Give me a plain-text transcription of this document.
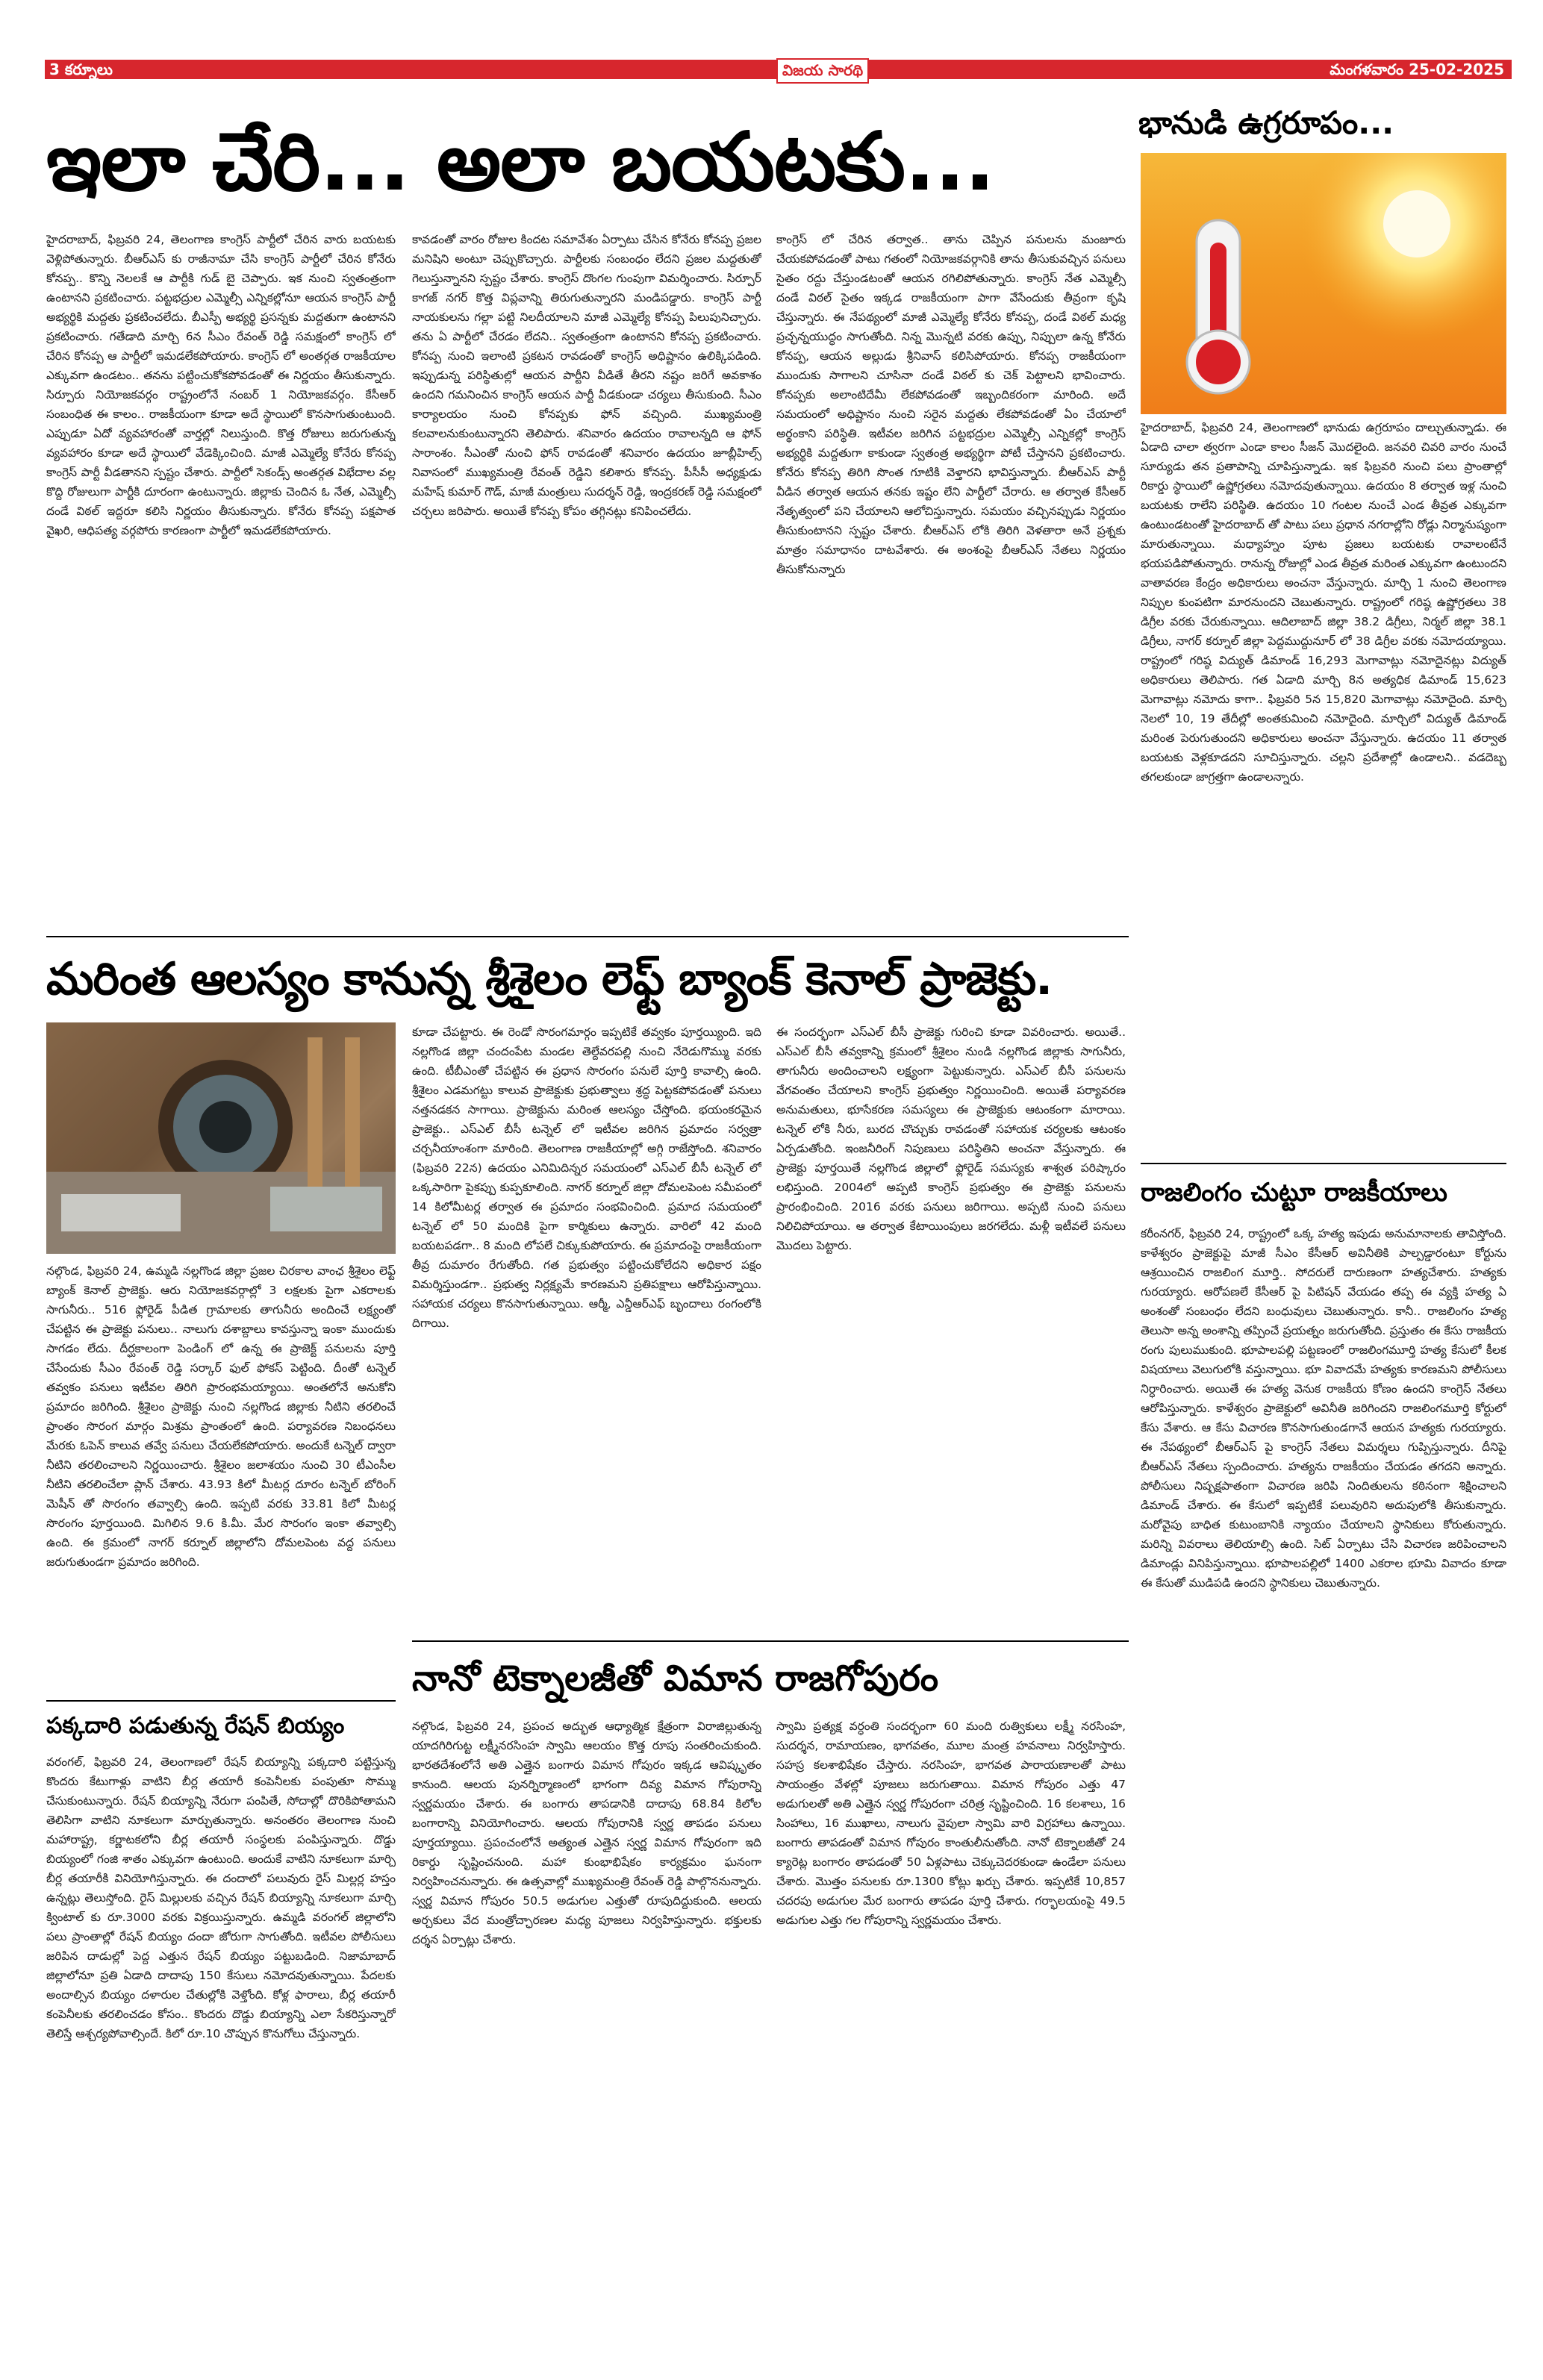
3 కర్నూలు	విజయ సారథి	మంగళవారం 25-02-2025
ఇలా చేరి... అలా బయటకు...
హైదరాబాద్, ఫిబ్రవరి 24, తెలంగాణ కాంగ్రెస్ పార్టీలో చేరిన వారు బయటకు వెళ్లిపోతున్నారు. బీఆర్ఎస్ కు రాజీనామా చేసి కాంగ్రెస్ పార్టీలో చేరిన కోనేరు కోనప్ప.. కొన్ని నెలలకే ఆ పార్టీకి గుడ్ బై చెప్పారు. ఇక నుంచి స్వతంత్రంగా ఉంటానని ప్రకటించారు. పట్టభద్రుల ఎమ్మెల్సీ ఎన్నికల్లోనూ ఆయన కాంగ్రెస్ పార్టీ అభ్యర్థికి మద్దతు ప్రకటించలేదు. బీఎస్పీ అభ్యర్థి ప్రసన్నకు మద్దతుగా ఉంటానని ప్రకటించారు. గతేడాది మార్చి 6న సీఎం రేవంత్ రెడ్డి సమక్షంలో కాంగ్రెస్ లో చేరిన కోనప్ప ఆ పార్టీలో ఇమడలేకపోయారు. కాంగ్రెస్ లో అంతర్గత రాజకీయాల ఎక్కువగా ఉండటం.. తనను పట్టించుకోకపోవడంతో ఈ నిర్ణయం తీసుకున్నారు. సిర్పూరు నియోజకవర్గం రాష్ట్రంలోనే నంబర్ 1 నియోజకవర్గం. కేసీఆర్ సంబంధిత ఈ కాలం.. రాజకీయంగా కూడా అదే స్థాయిలో కొనసాగుతుంటుంది. ఎప్పుడూ ఏదో వ్యవహారంతో వార్తల్లో నిలుస్తుంది. కొత్త రోజులు జరుగుతున్న వ్యవహారం కూడా అదే స్థాయిలో వేడెక్కించింది. మాజీ ఎమ్మెల్యే కోనేరు కోనప్ప కాంగ్రెస్ పార్టీ వీడతానని స్పష్టం చేశారు. పార్టీలో సెకండ్స్ అంతర్గత విభేదాల వల్ల కొద్ది రోజులుగా పార్టీకి దూరంగా ఉంటున్నారు. జిల్లాకు చెందిన ఓ నేత, ఎమ్మెల్సీ దండే విఠల్ ఇద్దరూ కలిసి నిర్ణయం తీసుకున్నారు. కోనేరు కోనప్ప పక్షపాత వైఖరి, ఆధిపత్య వర్గపోరు కారణంగా పార్టీలో ఇమడలేకపోయారు.
కావడంతో వారం రోజుల కిందట సమావేశం ఏర్పాటు చేసిన కోనేరు కోనప్ప ప్రజల మనిషిని అంటూ చెప్పుకొచ్చారు. పార్టీలకు సంబంధం లేదని ప్రజల మద్దతుతో గెలుస్తున్నానని స్పష్టం చేశారు. కాంగ్రెస్ దొంగల గుంపుగా విమర్శించారు. సిర్పూర్ కాగజ్ నగర్ కొత్త విప్లవాన్ని తిరుగుతున్నారని మండిపడ్డారు. కాంగ్రెస్ పార్టీ నాయకులను గల్లా పట్టి నిలదీయాలని మాజీ ఎమ్మెల్యే కోనప్ప పిలుపునిచ్చారు. తను ఏ పార్టీలో చేరడం లేదని.. స్వతంత్రంగా ఉంటానని కోనప్ప ప్రకటించారు. కోనప్ప నుంచి ఇలాంటి ప్రకటన రావడంతో కాంగ్రెస్ అధిష్టానం ఉలిక్కిపడింది. ఇప్పుడున్న పరిస్థితుల్లో ఆయన పార్టీని వీడితే తీరని నష్టం జరిగే అవకాశం ఉందని గమనించిన కాంగ్రెస్ ఆయన పార్టీ వీడకుండా చర్యలు తీసుకుంది. సీఎం కార్యాలయం నుంచి కోనప్పకు ఫోన్ వచ్చింది. ముఖ్యమంత్రి కలవాలనుకుంటున్నారని తెలిపారు. శనివారం ఉదయం రావాలన్నది ఆ ఫోన్ సారాంశం. సీఎంతో నుంచి ఫోన్ రావడంతో శనివారం ఉదయం జూబ్లీహిల్స్ నివాసంలో ముఖ్యమంత్రి రేవంత్ రెడ్డిని కలిశారు కోనప్ప. పీసీసీ అధ్యక్షుడు మహేష్ కుమార్ గౌడ్, మాజీ మంత్రులు సుదర్శన్ రెడ్డి, ఇంద్రకరణ్ రెడ్డి సమక్షంలో చర్చలు జరిపారు. అయితే కోనప్ప కోపం తగ్గినట్లు కనిపించలేదు.
కాంగ్రెస్ లో చేరిన తర్వాత.. తాను చెప్పిన పనులను మంజూరు చేయకపోవడంతో పాటు గతంలో నియోజకవర్గానికి తాను తీసుకువచ్చిన పనులు సైతం రద్దు చేస్తుండటంతో ఆయన రగిలిపోతున్నారు. కాంగ్రెస్ నేత ఎమ్మెల్సీ దండే విఠల్ సైతం ఇక్కడ రాజకీయంగా పాగా వేసేందుకు తీవ్రంగా కృషి చేస్తున్నారు. ఈ నేపథ్యంలో మాజీ ఎమ్మెల్యే కోనేరు కోనప్ప, దండే విఠల్ మధ్య ప్రచ్ఛన్నయుద్ధం సాగుతోంది. నిన్న మొన్నటి వరకు ఉప్పు, నిప్పులా ఉన్న కోనేరు కోనప్ప, ఆయన అల్లుడు శ్రీనివాస్ కలిసిపోయారు. కోనప్ప రాజకీయంగా ముందుకు సాగాలని చూసినా దండే విఠల్ కు చెక్ పెట్టాలని భావించారు. కోనప్పకు అలాంటిదేమీ లేకపోవడంతో ఇబ్బందికరంగా మారింది. అదే సమయంలో అధిష్టానం నుంచి సరైన మద్దతు లేకపోవడంతో ఏం చేయాలో అర్థంకాని పరిస్థితి. ఇటీవల జరిగిన పట్టభద్రుల ఎమ్మెల్సీ ఎన్నికల్లో కాంగ్రెస్ అభ్యర్థికి మద్దతుగా కాకుండా స్వతంత్ర అభ్యర్థిగా పోటీ చేస్తానని ప్రకటించారు. కోనేరు కోనప్ప తిరిగి సొంత గూటికి వెళ్తారని భావిస్తున్నారు. బీఆర్ఎస్ పార్టీ వీడిన తర్వాత ఆయన తనకు ఇష్టం లేని పార్టీలో చేరారు. ఆ తర్వాత కేసీఆర్ నేతృత్వంలో పని చేయాలని ఆలోచిస్తున్నారు. సమయం వచ్చినప్పుడు నిర్ణయం తీసుకుంటానని స్పష్టం చేశారు. బీఆర్ఎస్ లోకి తిరిగి వెళతారా అనే ప్రశ్నకు మాత్రం సమాధానం దాటవేశారు. ఈ అంశంపై బీఆర్ఎస్ నేతలు నిర్ణయం తీసుకోనున్నారు
భానుడి ఉగ్రరూపం...
హైదరాబాద్, ఫిబ్రవరి 24, తెలంగాణలో భానుడు ఉగ్రరూపం దాల్చుతున్నాడు. ఈ ఏడాది చాలా త్వరగా ఎండా కాలం సీజన్ మొదలైంది. జనవరి చివరి వారం నుంచే సూర్యుడు తన ప్రతాపాన్ని చూపిస్తున్నాడు. ఇక ఫిబ్రవరి నుంచి పలు ప్రాంతాల్లో రికార్డు స్థాయిలో ఉష్ణోగ్రతలు నమోదవుతున్నాయి. ఉదయం 8 తర్వాత ఇళ్ల నుంచి బయటకు రాలేని పరిస్థితి. ఉదయం 10 గంటల నుంచే ఎండ తీవ్రత ఎక్కువగా ఉంటుండటంతో హైదరాబాద్ తో పాటు పలు ప్రధాన నగరాల్లోని రోడ్లు నిర్మానుష్యంగా మారుతున్నాయి. మధ్యాహ్నం పూట ప్రజలు బయటకు రావాలంటేనే భయపడిపోతున్నారు. రానున్న రోజుల్లో ఎండ తీవ్రత మరింత ఎక్కువగా ఉంటుందని వాతావరణ కేంద్రం అధికారులు అంచనా వేస్తున్నారు. మార్చి 1 నుంచి తెలంగాణ నిప్పుల కుంపటిగా మారనుందని చెబుతున్నారు. రాష్ట్రంలో గరిష్ఠ ఉష్ణోగ్రతలు 38 డిగ్రీల వరకు చేరుకున్నాయి. ఆదిలాబాద్ జిల్లా 38.2 డిగ్రీలు, నిర్మల్ జిల్లా 38.1 డిగ్రీలు, నాగర్ కర్నూల్ జిల్లా పెద్దముద్దునూర్ లో 38 డిగ్రీల వరకు నమోదయ్యాయి. రాష్ట్రంలో గరిష్ఠ విద్యుత్ డిమాండ్ 16,293 మెగావాట్లు నమోదైనట్లు విద్యుత్ అధికారులు తెలిపారు. గత ఏడాది మార్చి 8న అత్యధిక డిమాండ్ 15,623 మెగావాట్లు నమోదు కాగా.. ఫిబ్రవరి 5న 15,820 మెగావాట్లు నమోదైంది. మార్చి నెలలో 10, 19 తేదీల్లో అంతకుమించి నమోదైంది. మార్చిలో విద్యుత్ డిమాండ్ మరింత పెరుగుతుందని అధికారులు అంచనా వేస్తున్నారు. ఉదయం 11 తర్వాత బయటకు వెళ్లకూడదని సూచిస్తున్నారు. చల్లని ప్రదేశాల్లో ఉండాలని.. వడదెబ్బ తగలకుండా జాగ్రత్తగా ఉండాలన్నారు.
మరింత ఆలస్యం కానున్న శ్రీశైలం లెఫ్ట్ బ్యాంక్ కెనాల్ ప్రాజెక్టు.
నల్గొండ, ఫిబ్రవరి 24, ఉమ్మడి నల్లగొండ జిల్లా ప్రజల చిరకాల వాంఛ శ్రీశైలం లెఫ్ట్ బ్యాంక్ కెనాల్ ప్రాజెక్టు. ఆరు నియోజకవర్గాల్లో 3 లక్షలకు పైగా ఎకరాలకు సాగునీరు.. 516 ఫ్లోరైడ్ పీడిత గ్రామాలకు తాగునీరు అందించే లక్ష్యంతో చేపట్టిన ఈ ప్రాజెక్టు పనులు.. నాలుగు దశాబ్దాలు కావస్తున్నా ఇంకా ముందుకు సాగడం లేదు. దీర్ఘకాలంగా పెండింగ్ లో ఉన్న ఈ ప్రాజెక్ట్ పనులను పూర్తి చేసేందుకు సీఎం రేవంత్ రెడ్డి సర్కార్ ఫుల్ ఫోకస్ పెట్టింది. దీంతో టన్నెల్ తవ్వకం పనులు ఇటీవల తిరిగి ప్రారంభమయ్యాయి. అంతలోనే అనుకోని ప్రమాదం జరిగింది. శ్రీశైలం ప్రాజెక్టు నుంచి నల్లగొండ జిల్లాకు నీటిని తరలించే ప్రాంతం సొరంగ మార్గం మిశ్రమ ప్రాంతంలో ఉంది. పర్యావరణ నిబంధనలు మేరకు ఓపెన్ కాలువ తవ్వే పనులు చేయలేకపోయారు. అందుకే టన్నెల్ ద్వారా నీటిని తరలించాలని నిర్ణయించారు. శ్రీశైలం జలాశయం నుంచి 30 టీఎంసీల నీటిని తరలించేలా ప్లాన్ చేశారు. 43.93 కిలో మీటర్ల దూరం టన్నెల్ బోరింగ్ మెషీన్ తో సొరంగం తవ్వాల్సి ఉంది. ఇప్పటి వరకు 33.81 కిలో మీటర్ల సొరంగం పూర్తయింది. మిగిలిన 9.6 కి.మీ. మేర సొరంగం ఇంకా తవ్వాల్సి ఉంది. ఈ క్రమంలో నాగర్ కర్నూల్ జిల్లాలోని దోమలపెంట వద్ద పనులు జరుగుతుండగా ప్రమాదం జరిగింది.
కూడా చేపట్టారు. ఈ రెండో సొరంగమార్గం ఇప్పటికే తవ్వకం పూర్తయ్యింది. ఇది నల్లగొండ జిల్లా చందంపేట మండల తెల్దేవరపల్లి నుంచి నేరెడుగొమ్ము వరకు ఉంది. టీబీఎంతో చేపట్టిన ఈ ప్రధాన సొరంగం పనులే పూర్తి కావాల్సి ఉంది. శ్రీశైలం ఎడమగట్టు కాలువ ప్రాజెక్టుకు ప్రభుత్వాలు శ్రద్ధ పెట్టకపోవడంతో పనులు నత్తనడకన సాగాయి. ప్రాజెక్టును మరింత ఆలస్యం చేస్తోంది. భయంకరమైన ప్రాజెక్టు.. ఎస్ఎల్ బీసీ టన్నెల్ లో ఇటీవల జరిగిన ప్రమాదం సర్వత్రా చర్చనీయాంశంగా మారింది. తెలంగాణ రాజకీయాల్లో అగ్గి రాజేస్తోంది. శనివారం (ఫిబ్రవరి 22న) ఉదయం ఎనిమిదిన్నర సమయంలో ఎస్ఎల్ బీసీ టన్నెల్ లో ఒక్కసారిగా పైకప్పు కుప్పకూలింది. నాగర్ కర్నూల్ జిల్లా దోమలపెంట సమీపంలో 14 కిలోమీటర్ల తర్వాత ఈ ప్రమాదం సంభవించింది. ప్రమాద సమయంలో టన్నెల్ లో 50 మందికి పైగా కార్మికులు ఉన్నారు. వారిలో 42 మంది బయటపడగా.. 8 మంది లోపలే చిక్కుకుపోయారు. ఈ ప్రమాదంపై రాజకీయంగా తీవ్ర దుమారం రేగుతోంది. గత ప్రభుత్వం పట్టించుకోలేదని అధికార పక్షం విమర్శిస్తుండగా.. ప్రభుత్వ నిర్లక్ష్యమే కారణమని ప్రతిపక్షాలు ఆరోపిస్తున్నాయి. సహాయక చర్యలు కొనసాగుతున్నాయి. ఆర్మీ, ఎన్డీఆర్ఎఫ్ బృందాలు రంగంలోకి దిగాయి.
ఈ సందర్భంగా ఎస్ఎల్ బీసీ ప్రాజెక్టు గురించి కూడా వివరించారు. అయితే.. ఎస్ఎల్ బీసీ తవ్వకాన్ని క్రమంలో శ్రీశైలం నుండి నల్లగొండ జిల్లాకు సాగునీరు, తాగునీరు అందించాలని లక్ష్యంగా పెట్టుకున్నారు. ఎస్ఎల్ బీసీ పనులను వేగవంతం చేయాలని కాంగ్రెస్ ప్రభుత్వం నిర్ణయించింది. అయితే పర్యావరణ అనుమతులు, భూసేకరణ సమస్యలు ఈ ప్రాజెక్టుకు ఆటంకంగా మారాయి. టన్నెల్ లోకి నీరు, బురద చొచ్చుకు రావడంతో సహాయక చర్యలకు ఆటంకం ఏర్పడుతోంది. ఇంజనీరింగ్ నిపుణులు పరిస్థితిని అంచనా వేస్తున్నారు. ఈ ప్రాజెక్టు పూర్తయితే నల్లగొండ జిల్లాలో ఫ్లోరైడ్ సమస్యకు శాశ్వత పరిష్కారం లభిస్తుంది. 2004లో అప్పటి కాంగ్రెస్ ప్రభుత్వం ఈ ప్రాజెక్టు పనులను ప్రారంభించింది. 2016 వరకు పనులు జరిగాయి. అప్పటి నుంచి పనులు నిలిచిపోయాయి. ఆ తర్వాత కేటాయింపులు జరగలేదు. మళ్లీ ఇటీవలే పనులు మొదలు పెట్టారు.
రాజలింగం చుట్టూ రాజకీయాలు
కరీంనగర్, ఫిబ్రవరి 24, రాష్ట్రంలో ఒక్క హత్య ఇపుడు అనుమానాలకు తావిస్తోంది. కాళేశ్వరం ప్రాజెక్టుపై మాజీ సీఎం కేసీఆర్ అవినీతికి పాల్పడ్డారంటూ కోర్టును ఆశ్రయించిన రాజలింగ మూర్తి.. సోదరులే దారుణంగా హత్యచేశారు. హత్యకు గురయ్యారు. ఆరోపణలే కేసీఆర్ పై పిటిషన్ వేయడం తప్ప ఈ వ్యక్తి హత్య ఏ అంశంతో సంబంధం లేదని బంధువులు చెబుతున్నారు. కానీ.. రాజలింగం హత్య తెలుసా అన్న అంశాన్ని తప్పించే ప్రయత్నం జరుగుతోంది. ప్రస్తుతం ఈ కేసు రాజకీయ రంగు పులుముకుంది. భూపాలపల్లి పట్టణంలో రాజలింగమూర్తి హత్య కేసులో కీలక విషయాలు వెలుగులోకి వస్తున్నాయి. భూ వివాదమే హత్యకు కారణమని పోలీసులు నిర్ధారించారు. అయితే ఈ హత్య వెనుక రాజకీయ కోణం ఉందని కాంగ్రెస్ నేతలు ఆరోపిస్తున్నారు. కాళేశ్వరం ప్రాజెక్టులో అవినీతి జరిగిందని రాజలింగమూర్తి కోర్టులో కేసు వేశారు. ఆ కేసు విచారణ కొనసాగుతుండగానే ఆయన హత్యకు గురయ్యారు. ఈ నేపథ్యంలో బీఆర్ఎస్ పై కాంగ్రెస్ నేతలు విమర్శలు గుప్పిస్తున్నారు. దీనిపై బీఆర్ఎస్ నేతలు స్పందించారు. హత్యను రాజకీయం చేయడం తగదని అన్నారు. పోలీసులు నిష్పక్షపాతంగా విచారణ జరిపి నిందితులను కఠినంగా శిక్షించాలని డిమాండ్ చేశారు. ఈ కేసులో ఇప్పటికే పలువురిని అదుపులోకి తీసుకున్నారు. మరోవైపు బాధిత కుటుంబానికి న్యాయం చేయాలని స్థానికులు కోరుతున్నారు. మరిన్ని వివరాలు తెలియాల్సి ఉంది. సిట్ ఏర్పాటు చేసి విచారణ జరిపించాలని డిమాండ్లు వినిపిస్తున్నాయి. భూపాలపల్లిలో 1400 ఎకరాల భూమి వివాదం కూడా ఈ కేసుతో ముడిపడి ఉందని స్థానికులు చెబుతున్నారు.
పక్కదారి పడుతున్న రేషన్ బియ్యం
వరంగల్, ఫిబ్రవరి 24, తెలంగాణలో రేషన్ బియ్యాన్ని పక్కదారి పట్టిస్తున్న కొందరు కేటుగాళ్లు వాటిని బీర్ల తయారీ కంపెనీలకు పంపుతూ సొమ్ము చేసుకుంటున్నారు. రేషన్ బియ్యాన్ని నేరుగా పంపితే, సోదాల్లో దొరికిపోతామని తెలిసిగా వాటిని నూకలుగా మార్చుతున్నారు. అనంతరం తెలంగాణ నుంచి మహారాష్ట్ర, కర్ణాటకలోని బీర్ల తయారీ సంస్థలకు పంపిస్తున్నారు. దొడ్డు బియ్యంలో గంజి శాతం ఎక్కువగా ఉంటుంది. అందుకే వాటిని నూకలుగా మార్చి బీర్ల తయారీకి వినియోగిస్తున్నారు. ఈ దందాలో పలువురు రైస్ మిల్లర్ల హస్తం ఉన్నట్లు తెలుస్తోంది. రైస్ మిల్లులకు వచ్చిన రేషన్ బియ్యాన్ని నూకలుగా మార్చి క్వింటాల్ కు రూ.3000 వరకు విక్రయిస్తున్నారు. ఉమ్మడి వరంగల్ జిల్లాలోని పలు ప్రాంతాల్లో రేషన్ బియ్యం దందా జోరుగా సాగుతోంది. ఇటీవల పోలీసులు జరిపిన దాడుల్లో పెద్ద ఎత్తున రేషన్ బియ్యం పట్టుబడింది. నిజామాబాద్ జిల్లాలోనూ ప్రతి ఏడాది దాదాపు 150 కేసులు నమోదవుతున్నాయి. పేదలకు అందాల్సిన బియ్యం దళారుల చేతుల్లోకి వెళ్తోంది. కోళ్ల ఫారాలు, బీర్ల తయారీ కంపెనీలకు తరలించడం కోసం.. కొందరు దొడ్డు బియ్యాన్ని ఎలా సేకరిస్తున్నారో తెలిస్తే ఆశ్చర్యపోవాల్సిందే. కిలో రూ.10 చొప్పున కొనుగోలు చేస్తున్నారు.
నానో టెక్నాలజీతో విమాన రాజగోపురం
నల్గొండ, ఫిబ్రవరి 24, ప్రపంచ అద్భుత ఆధ్యాత్మిక క్షేత్రంగా విరాజిల్లుతున్న యాదగిరిగుట్ట లక్ష్మీనరసింహ స్వామి ఆలయం కొత్త రూపు సంతరించుకుంది. భారతదేశంలోనే అతి ఎత్తైన బంగారు విమాన గోపురం ఇక్కడ ఆవిష్కృతం కానుంది. ఆలయ పునర్నిర్మాణంలో భాగంగా దివ్య విమాన గోపురాన్ని స్వర్ణమయం చేశారు. ఈ బంగారు తాపడానికి దాదాపు 68.84 కిలోల బంగారాన్ని వినియోగించారు. ఆలయ గోపురానికి స్వర్ణ తాపడం పనులు పూర్తయ్యాయి. ప్రపంచంలోనే అత్యంత ఎత్తైన స్వర్ణ విమాన గోపురంగా ఇది రికార్డు సృష్టించనుంది. మహా కుంభాభిషేకం కార్యక్రమం ఘనంగా నిర్వహించనున్నారు. ఈ ఉత్సవాల్లో ముఖ్యమంత్రి రేవంత్ రెడ్డి పాల్గొననున్నారు. స్వర్ణ విమాన గోపురం 50.5 అడుగుల ఎత్తుతో రూపుదిద్దుకుంది. ఆలయ అర్చకులు వేద మంత్రోచ్ఛారణల మధ్య పూజలు నిర్వహిస్తున్నారు. భక్తులకు దర్శన ఏర్పాట్లు చేశారు.
స్వామి ప్రత్యక్ష వర్ధంతి సందర్భంగా 60 మంది రుత్వికులు లక్ష్మీ నరసింహ, సుదర్శన, రామాయణం, భాగవతం, మూల మంత్ర హవనాలు నిర్వహిస్తారు. సహస్ర కలశాభిషేకం చేస్తారు. నరసింహ, భాగవత పారాయణాలతో పాటు సాయంత్రం వేళల్లో పూజలు జరుగుతాయి. విమాన గోపురం ఎత్తు 47 అడుగులతో అతి ఎత్తైన స్వర్ణ గోపురంగా చరిత్ర సృష్టించింది. 16 కలశాలు, 16 సింహాలు, 16 ముఖాలు, నాలుగు వైపులా స్వామి వారి విగ్రహాలు ఉన్నాయి. బంగారు తాపడంతో విమాన గోపురం కాంతులీనుతోంది. నానో టెక్నాలజీతో 24 క్యారెట్ల బంగారం తాపడంతో 50 ఏళ్లపాటు చెక్కుచెదరకుండా ఉండేలా పనులు చేశారు. మొత్తం పనులకు రూ.1300 కోట్లు ఖర్చు చేశారు. ఇప్పటికే 10,857 చదరపు అడుగుల మేర బంగారు తాపడం పూర్తి చేశారు. గర్భాలయంపై 49.5 అడుగుల ఎత్తు గల గోపురాన్ని స్వర్ణమయం చేశారు.
